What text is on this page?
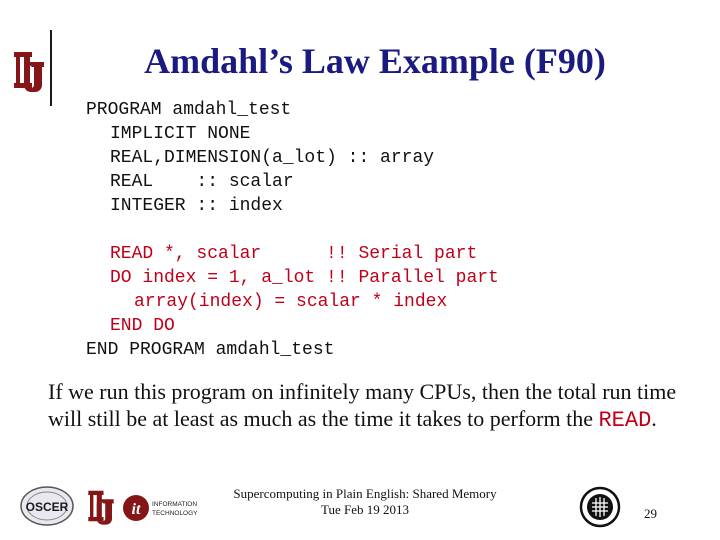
Amdahl’s Law Example (F90)
PROGRAM amdahl_test
IMPLICIT NONE
REAL,DIMENSION(a_lot) :: array
REAL    :: scalar
INTEGER :: index
READ *, scalar      !! Serial part
DO index = 1, a_lot !! Parallel part
array(index) = scalar * index
END DO
END PROGRAM amdahl_test
If we run this program on infinitely many CPUs, then the total run time will still be at least as much as the time it takes to perform the READ.
OSCER	it INFORMATION
TECHNOLOGY
Supercomputing in Plain English: Shared Memory
Tue Feb 19 2013	29
